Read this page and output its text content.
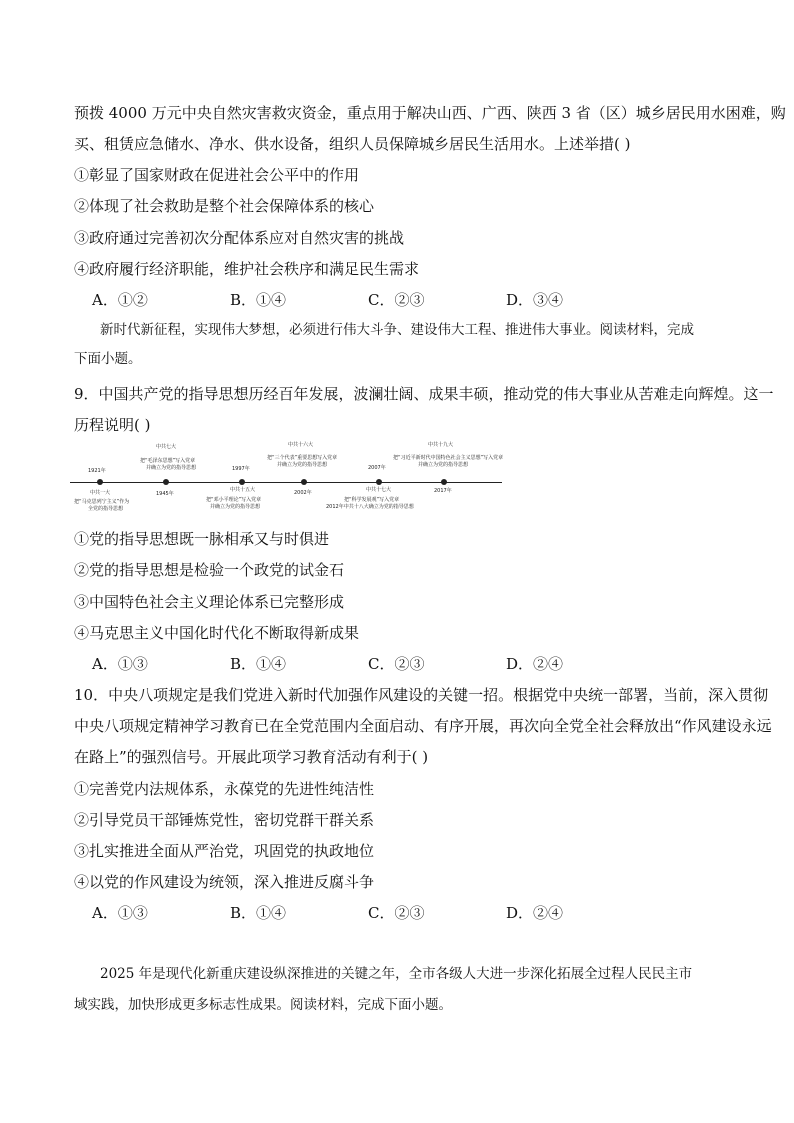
预拨 4000 万元中央自然灾害救灾资金，重点用于解决山西、广西、陕西 3 省（区）城乡居民用水困难，购
买、租赁应急储水、净水、供水设备，组织人员保障城乡居民生活用水。上述举措( )
①彰显了国家财政在促进社会公平中的作用
②体现了社会救助是整个社会保障体系的核心
③政府通过完善初次分配体系应对自然灾害的挑战
④政府履行经济职能，维护社会秩序和满足民生需求
A．①②	B．①④	C．②③	D．③④
新时代新征程，实现伟大梦想，必须进行伟大斗争、建设伟大工程、推进伟大事业。阅读材料，完成
下面小题。
9．中国共产党的指导思想历经百年发展，波澜壮阔、成果丰硕，推动党的伟大事业从苦难走向辉煌。这一
历程说明( )
1921年
中共七大
把“毛泽东思想”写入党章
并确立为党的指导思想
1945年
1997年
中共十六大
把“三个代表”重要思想写入党章
并确立为党的指导思想
2002年
2007年
中共十九大
把“习近平新时代中国特色社会主义思想”写入党章
并确立为党的指导思想
2017年
中共一大
把“马克思列宁主义”作为
全党的指导思想
中共十五大
把“邓小平理论”写入党章
并确立为党的指导思想
中共十七大
把“科学发展观”写入党章
2012年中共十八大确立为党的指导思想
①党的指导思想既一脉相承又与时俱进
②党的指导思想是检验一个政党的试金石
③中国特色社会主义理论体系已完整形成
④马克思主义中国化时代化不断取得新成果
A．①③	B．①④	C．②③	D．②④
10．中央八项规定是我们党进入新时代加强作风建设的关键一招。根据党中央统一部署，当前，深入贯彻
中央八项规定精神学习教育已在全党范围内全面启动、有序开展，再次向全党全社会释放出“作风建设永远
在路上”的强烈信号。开展此项学习教育活动有利于( )
①完善党内法规体系，永葆党的先进性纯洁性
②引导党员干部锤炼党性，密切党群干群关系
③扎实推进全面从严治党，巩固党的执政地位
④以党的作风建设为统领，深入推进反腐斗争
A．①③	B．①④	C．②③	D．②④
2025 年是现代化新重庆建设纵深推进的关键之年，全市各级人大进一步深化拓展全过程人民民主市
域实践，加快形成更多标志性成果。阅读材料，完成下面小题。
